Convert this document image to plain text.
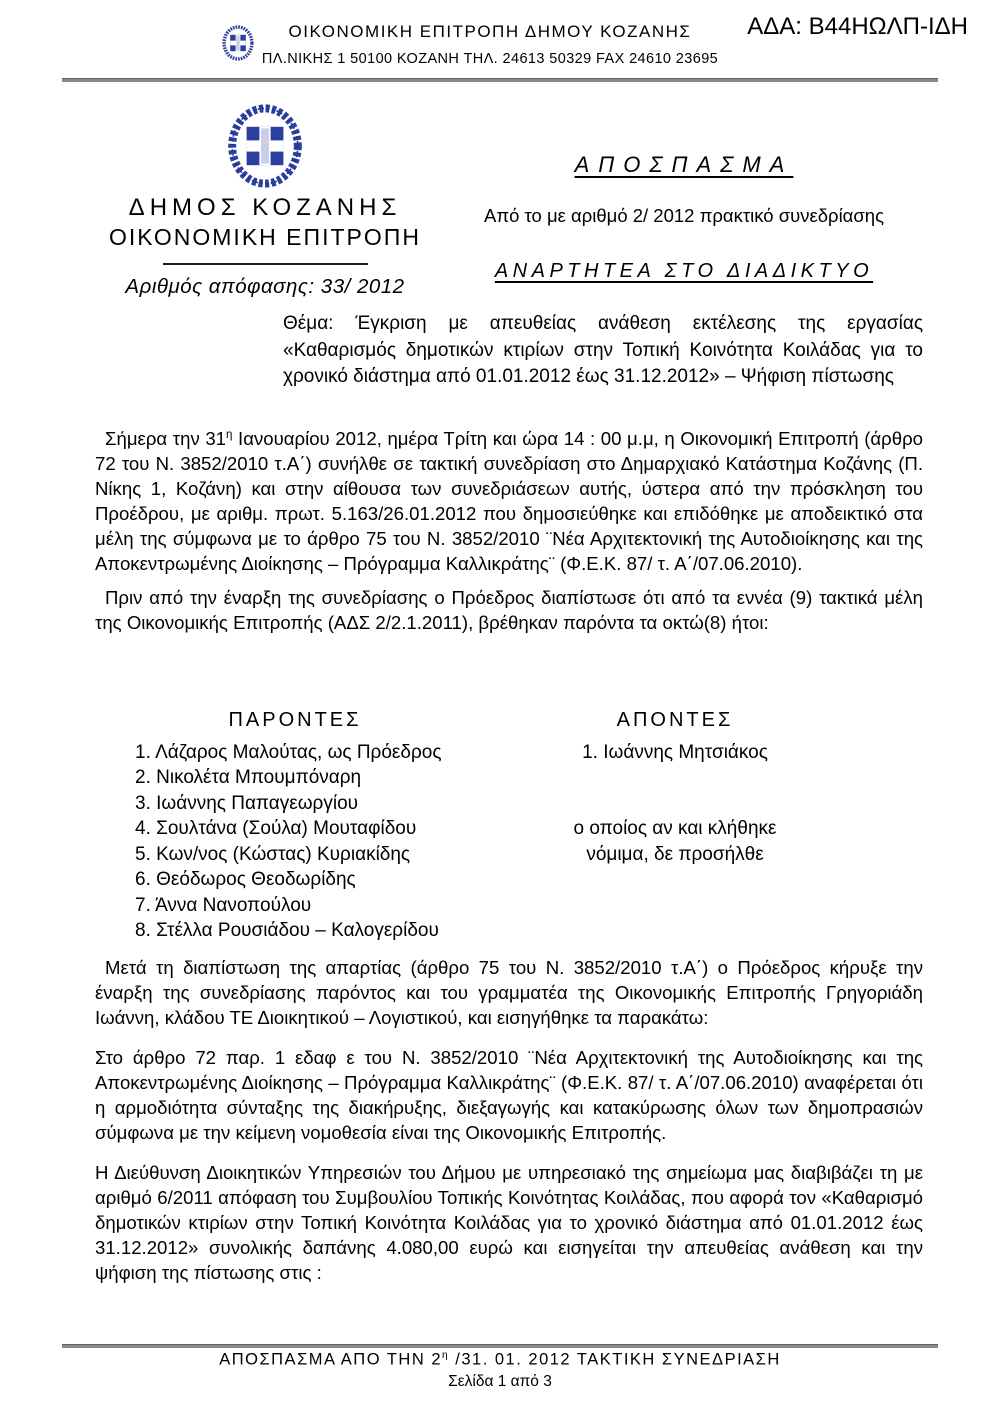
ΟΙΚΟΝΟΜΙΚΗ ΕΠΙΤΡΟΠΗ ΔΗΜΟΥ ΚΟΖΑΝΗΣ
ΠΛ.ΝΙΚΗΣ 1 50100 ΚΟΖΑΝΗ ΤΗΛ. 24613 50329 FAX 24610 23695
ΑΔΑ: Β44ΗΩΛΠ-ΙΔΗ
ΔΗΜΟΣ ΚΟΖΑΝΗΣ
ΟΙΚΟΝΟΜΙΚΗ ΕΠΙΤΡΟΠΗ
Αριθμός απόφασης: 33/ 2012
ΑΠΟΣΠΑΣΜΑ
Από το με αριθμό 2/ 2012 πρακτικό συνεδρίασης
ΑΝΑΡΤΗΤΕΑ ΣΤΟ ΔΙΑΔΙΚΤΥΟ
Θέμα: Έγκριση με απευθείας ανάθεση εκτέλεσης της εργασίας «Καθαρισμός δημοτικών κτιρίων στην Τοπική Κοινότητα Κοιλάδας για το χρονικό διάστημα από 01.01.2012 έως 31.12.2012» – Ψήφιση πίστωσης

Σήμερα την $31^\eta$ Ιανουαρίου 2012, ημέρα Τρίτη και ώρα 14 : 00 μ.μ, η Οικονομική Επιτροπή (άρθρο 72 του Ν. 3852/2010 τ.Α΄) συνήλθε σε τακτική συνεδρίαση στο Δημαρχιακό Κατάστημα Κοζάνης (Π. Νίκης 1, Κοζάνη) και στην αίθουσα των συνεδριάσεων αυτής, ύστερα από την πρόσκληση του Προέδρου, με αριθμ. πρωτ. 5.163/26.01.2012 που δημοσιεύθηκε και επιδόθηκε με αποδεικτικό στα μέλη της σύμφωνα με το άρθρο 75 του Ν. 3852/2010 ¨Νέα Αρχιτεκτονική της Αυτοδιοίκησης και της Αποκεντρωμένης Διοίκησης – Πρόγραμμα Καλλικράτης¨ (Φ.Ε.Κ. 87/ τ. Α΄/07.06.2010).

Πριν από την έναρξη της συνεδρίασης ο Πρόεδρος διαπίστωσε ότι από τα εννέα (9) τακτικά μέλη της Οικονομικής Επιτροπής (ΑΔΣ 2/2.1.2011), βρέθηκαν παρόντα τα οκτώ(8) ήτοι:

ΠΑΡΟΝΤΕΣ	ΑΠΟΝΤΕΣ
1. Λάζαρος Μαλούτας, ως Πρόεδρος	1. Ιωάννης Μητσιάκος
2. Νικολέτα Μπουμπόναρη
3. Ιωάννης Παπαγεωργίου
4. Σουλτάνα (Σούλα) Μουταφίδου	ο οποίος αν και κλήθηκε
5. Κων/νος (Κώστας) Κυριακίδης	νόμιμα, δε προσήλθε
6. Θεόδωρος Θεοδωρίδης
7. Άννα Νανοπούλου
8. Στέλλα Ρουσιάδου – Καλογερίδου

Μετά τη διαπίστωση της απαρτίας (άρθρο 75 του Ν. 3852/2010 τ.Α΄) ο Πρόεδρος κήρυξε την έναρξη της συνεδρίασης παρόντος και του γραμματέα της Οικονομικής Επιτροπής Γρηγοριάδη Ιωάννη, κλάδου ΤΕ Διοικητικού – Λογιστικού, και εισηγήθηκε τα παρακάτω:

Στο άρθρο 72 παρ. 1 εδαφ ε του Ν. 3852/2010 ¨Νέα Αρχιτεκτονική της Αυτοδιοίκησης και της Αποκεντρωμένης Διοίκησης – Πρόγραμμα Καλλικράτης¨ (Φ.Ε.Κ. 87/ τ. Α΄/07.06.2010) αναφέρεται ότι η αρμοδιότητα σύνταξης της διακήρυξης, διεξαγωγής και κατακύρωσης όλων των δημοπρασιών σύμφωνα με την κείμενη νομοθεσία είναι της Οικονομικής Επιτροπής.

Η Διεύθυνση Διοικητικών Υπηρεσιών του Δήμου με υπηρεσιακό της σημείωμα μας διαβιβάζει τη με αριθμό 6/2011 απόφαση του Συμβουλίου Τοπικής Κοινότητας Κοιλάδας, που αφορά τον «Καθαρισμό δημοτικών κτιρίων στην Τοπική Κοινότητα Κοιλάδας για το χρονικό διάστημα από 01.01.2012 έως 31.12.2012» συνολικής δαπάνης 4.080,00 ευρώ και εισηγείται την απευθείας ανάθεση και την ψήφιση της πίστωσης στις :

ΑΠΟΣΠΑΣΜΑ ΑΠΟ ΤΗΝ $2^\eta$ /31. 01. 2012 ΤΑΚΤΙΚΗ ΣΥΝΕΔΡΙΑΣΗ
Σελίδα 1 από 3
